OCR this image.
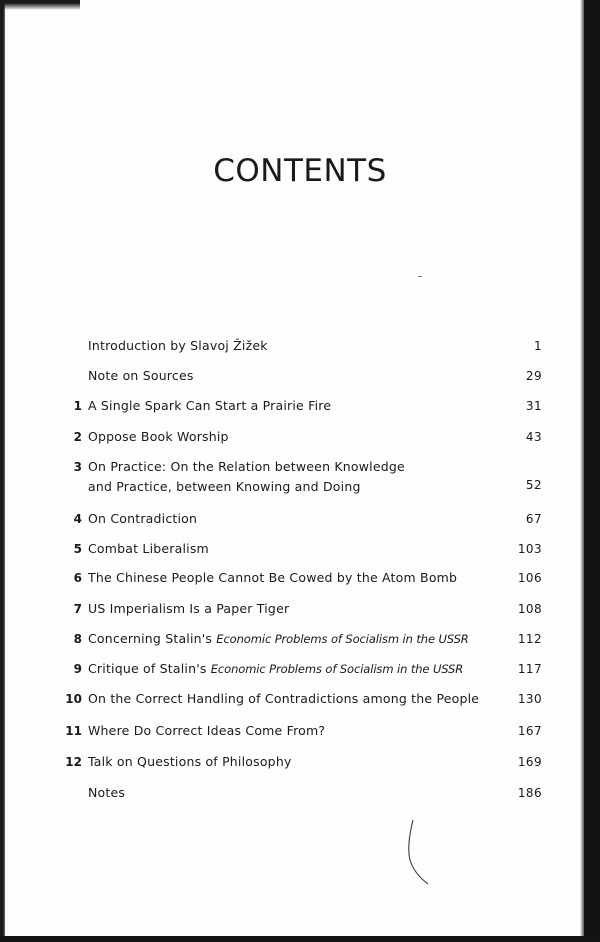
CONTENTS
Introduction by Slavoj Žižek	1
Note on Sources	29
1 A Single Spark Can Start a Prairie Fire	31
2 Oppose Book Worship	43
3 On Practice: On the Relation between Knowledge
and Practice, between Knowing and Doing	52
4 On Contradiction	67
5 Combat Liberalism	103
6 The Chinese People Cannot Be Cowed by the Atom Bomb	106
7 US Imperialism Is a Paper Tiger	108
8 Concerning Stalin's Economic Problems of Socialism in the USSR	112
9 Critique of Stalin's Economic Problems of Socialism in the USSR	117
10 On the Correct Handling of Contradictions among the People	130
11 Where Do Correct Ideas Come From?	167
12 Talk on Questions of Philosophy	169
Notes	186
